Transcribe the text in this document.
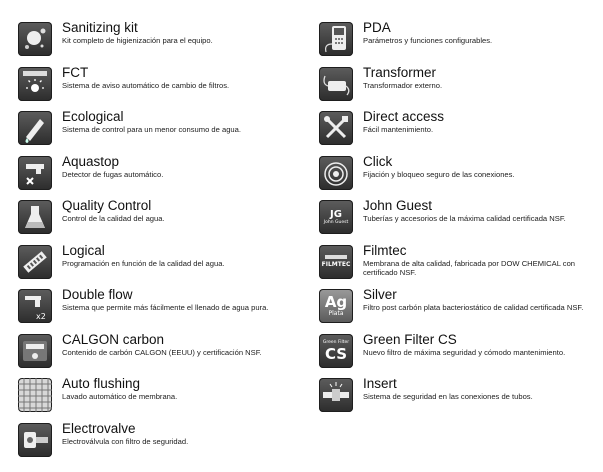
Sanitizing kit
Kit completo de higienización para el equipo.
FCT
Sistema de aviso automático de cambio de filtros.
Ecological
Sistema de control para un menor consumo de agua.
Aquastop
Detector de fugas automático.
Quality Control
Control de la calidad del agua.
Logical
Programación en función de la calidad del agua.
x2
Double flow
Sistema que permite más fácilmente el llenado de agua pura.
CALGON carbon
Contenido de carbón CALGON (EEUU) y certificación NSF.
Auto flushing
Lavado automático de membrana.
Electrovalve
Electroválvula con filtro de seguridad.
PDA
Parámetros y funciones configurables.
Transformer
Transformador externo.
Direct access
Fácil mantenimiento.
Click
Fijación y bloqueo seguro de las conexiones.
JG
John Guest
John Guest
Tuberías y accesorios de la máxima calidad certificada NSF.
FILMTEC
Filmtec
Membrana de alta calidad, fabricada por DOW CHEMICAL con certificado NSF.
Ag
Plata
Silver
Filtro post carbón plata bacteriostático de calidad certificada NSF.
Green Filter
CS
Green Filter CS
Nuevo filtro de máxima seguridad y cómodo mantenimiento.
Insert
Sistema de seguridad en las conexiones de tubos.
